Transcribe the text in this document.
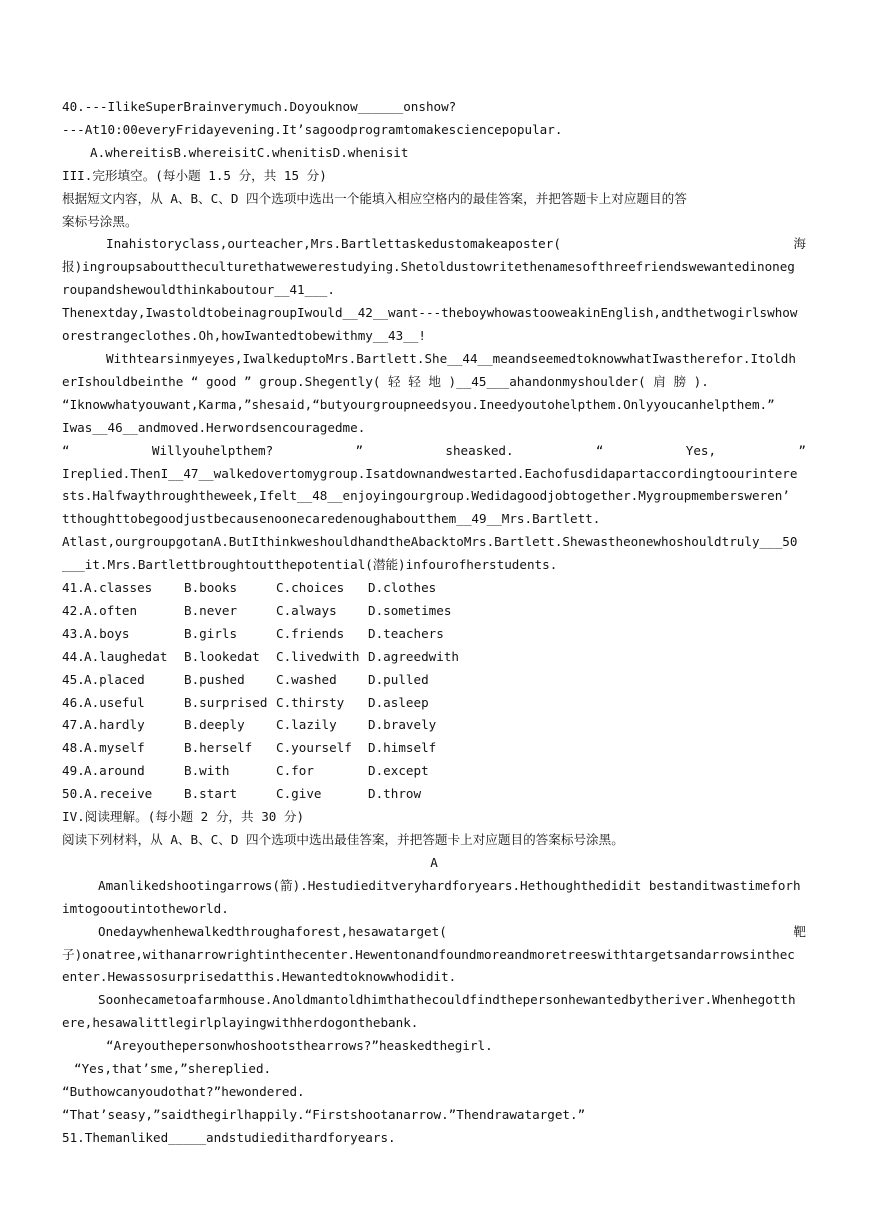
40.---IlikeSuperBrainverymuch.Doyouknow______onshow?
---At10:00everyFridayevening.It’sagoodprogramtomakesciencepopular.
A.whereitisB.whereisitC.whenitisD.whenisit
III.完形填空。(每小题 1.5 分，共 15 分)
根据短文内容，从 A、B、C、D 四个选项中选出一个能填入相应空格内的最佳答案，并把答题卡上对应题目的答
案标号涂黑。
Inahistoryclass,ourteacher,Mrs.Bartlettaskedustomakeaposter(	海
报)ingroupsabouttheculturethatwewerestudying.Shetoldustowritethenamesofthreefriendswewantedinoneg
roupandshewouldthinkaboutour__41___.
Thenextday,IwastoldtobeinagroupIwould__42__want---theboywhowastooweakinEnglish,andthetwogirlswhow
orestrangeclothes.Oh,howIwantedtobewithmy__43__!
Withtearsinmyeyes,IwalkeduptoMrs.Bartlett.She__44__meandseemedtoknowwhatIwastherefor.Itoldh
erIshouldbeinthe “ good ” group.Shegently( 轻 轻 地 )__45___ahandonmyshoulder( 肩 膀 ).
“Iknowwhatyouwant,Karma,”shesaid,“butyourgroupneedsyou.Ineedyoutohelpthem.Onlyyoucanhelpthem.”
Iwas__46__andmoved.Herwordsencouragedme.
“	Willyouhelpthem?	”	sheasked.	“	Yes,	”
Ireplied.ThenI__47__walkedovertomygroup.Isatdownandwestarted.Eachofusdidapartaccordingtoourintere
sts.Halfwaythroughtheweek,Ifelt__48__enjoyingourgroup.Wedidagoodjobtogether.Mygroupmembersweren’
tthoughttobegoodjustbecausenoonecaredenoughaboutthem__49__Mrs.Bartlett.
Atlast,ourgroupgotanA.ButIthinkweshouldhandtheAbacktoMrs.Bartlett.Shewastheonewhoshouldtruly___50
___it.Mrs.Bartlettbroughtoutthepotential(潜能)infourofherstudents.
41. A.classes	B.books	C.choices	D.clothes
42. A.often	B.never	C.always	D.sometimes
43. A.boys	B.girls	C.friends	D.teachers
44. A.laughedat	B.lookedat	C.livedwith D.agreedwith
45. A.placed	B.pushed	C.washed	D.pulled
46. A.useful	B.surprised C.thirsty	D.asleep
47. A.hardly	B.deeply	C.lazily	D.bravely
48. A.myself	B.herself	C.yourself	D.himself
49. A.around	B.with	C.for	D.except
50. A.receive	B.start	C.give	D.throw
IV.阅读理解。(每小题 2 分，共 30 分)
阅读下列材料，从 A、B、C、D 四个选项中选出最佳答案，并把答题卡上对应题目的答案标号涂黑。
A
Amanlikedshootingarrows(箭).Hestudieditveryhardforyears.Hethoughthedidit bestanditwastimeforh
imtogooutintotheworld.
Onedaywhenhewalkedthroughaforest,hesawatarget(	靶
子)onatree,withanarrowrightinthecenter.Hewentonandfoundmoreandmoretreeswithtargetsandarrowsinthec
enter.Hewassosurprisedatthis.Hewantedtoknowwhodidit.
Soonhecametoafarmhouse.Anoldmantoldhimthathecouldfindthepersonhewantedbytheriver.Whenhegotth
ere,hesawalittlegirlplayingwithherdogonthebank.
“Areyouthepersonwhoshootsthearrows?”heaskedthegirl.
“Yes,that’sme,”shereplied.
“Buthowcanyoudothat?”hewondered.
“That’seasy,”saidthegirlhappily.“Firstshootanarrow.”Thendrawatarget.”
51.Themanliked_____andstudiedithardforyears.
